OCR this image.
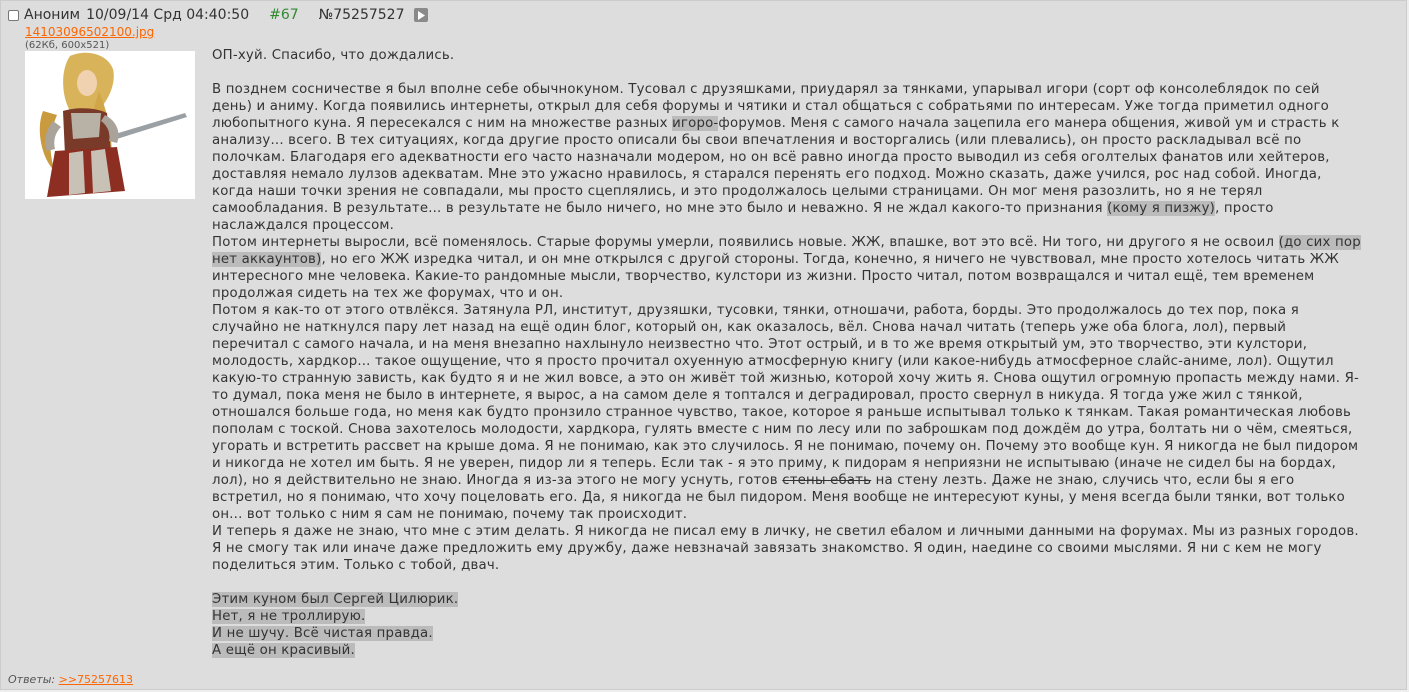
Аноним 10/09/14 Срд 04:40:50 #67 №75257527
14103096502100.jpg
(62Кб, 600x521)

ОП-хуй. Спасибо, что дождались.

В позднем сосничестве я был вполне себе обычнокуном. Тусовал с друзяшками, приударял за тянками, упарывал игори (сорт оф консолеблядок по сей день) и аниму. Когда появились интернеты, открыл для себя форумы и чятики и стал общаться с собратьями по интересам. Уже тогда приметил одного любопытного куна. Я пересекался с ним на множестве разных игоро-форумов. Меня с самого начала зацепила его манера общения, живой ум и страсть к анализу... всего. В тех ситуациях, когда другие просто описали бы свои впечатления и восторгались (или плевались), он просто раскладывал всё по полочкам. Благодаря его адекватности его часто назначали модером, но он всё равно иногда просто выводил из себя оголтелых фанатов или хейтеров, доставляя немало лулзов адекватам. Мне это ужасно нравилось, я старался перенять его подход. Можно сказать, даже учился, рос над собой. Иногда, когда наши точки зрения не совпадали, мы просто сцеплялись, и это продолжалось целыми страницами. Он мог меня разозлить, но я не терял самообладания. В результате... в результате не было ничего, но мне это было и неважно. Я не ждал какого-то признания (кому я пизжу), просто наслаждался процессом.

Потом интернеты выросли, всё поменялось. Старые форумы умерли, появились новые. ЖЖ, впашке, вот это всё. Ни того, ни другого я не освоил (до сих пор нет аккаунтов), но его ЖЖ изредка читал, и он мне открылся с другой стороны. Тогда, конечно, я ничего не чувствовал, мне просто хотелось читать ЖЖ интересного мне человека. Какие-то рандомные мысли, творчество, кулстори из жизни. Просто читал, потом возвращался и читал ещё, тем временем продолжая сидеть на тех же форумах, что и он.

Потом я как-то от этого отвлёкся. Затянула РЛ, институт, друзяшки, тусовки, тянки, отношачи, работа, борды. Это продолжалось до тех пор, пока я случайно не наткнулся пару лет назад на ещё один блог, который он, как оказалось, вёл. Снова начал читать (теперь уже оба блога, лол), первый перечитал с самого начала, и на меня внезапно нахлынуло неизвестно что. Этот острый, и в то же время открытый ум, это творчество, эти кулстори, молодость, хардкор... такое ощущение, что я просто прочитал охуенную атмосферную книгу (или какое-нибудь атмосферное слайс-аниме, лол). Ощутил какую-то странную зависть, как будто я и не жил вовсе, а это он живёт той жизнью, которой хочу жить я. Снова ощутил огромную пропасть между нами. Я-то думал, пока меня не было в интернете, я вырос, а на самом деле я топтался и деградировал, просто свернул в никуда. Я тогда уже жил с тянкой, отношался больше года, но меня как будто пронзило странное чувство, такое, которое я раньше испытывал только к тянкам. Такая романтическая любовь пополам с тоской. Снова захотелось молодости, хардкора, гулять вместе с ним по лесу или по заброшкам под дождём до утра, болтать ни о чём, смеяться, угорать и встретить рассвет на крыше дома. Я не понимаю, как это случилось. Я не понимаю, почему он. Почему это вообще кун. Я никогда не был пидором и никогда не хотел им быть. Я не уверен, пидор ли я теперь. Если так - я это приму, к пидорам я неприязни не испытываю (иначе не сидел бы на бордах, лол), но я действительно не знаю. Иногда я из-за этого не могу уснуть, готов стены ебать на стену лезть. Даже не знаю, случись что, если бы я его встретил, но я понимаю, что хочу поцеловать его. Да, я никогда не был пидором. Меня вообще не интересуют куны, у меня всегда были тянки, вот только он... вот только с ним я сам не понимаю, почему так происходит.

И теперь я даже не знаю, что мне с этим делать. Я никогда не писал ему в личку, не светил ебалом и личными данными на форумах. Мы из разных городов. Я не смогу так или иначе даже предложить ему дружбу, даже невзначай завязать знакомство. Я один, наедине со своими мыслями. Я ни с кем не могу поделиться этим. Только с тобой, двач.

Этим куном был Сергей Цилюрик.

Нет, я не троллирую.

И не шучу. Всё чистая правда.

А ещё он красивый.

Ответы: >>75257613
